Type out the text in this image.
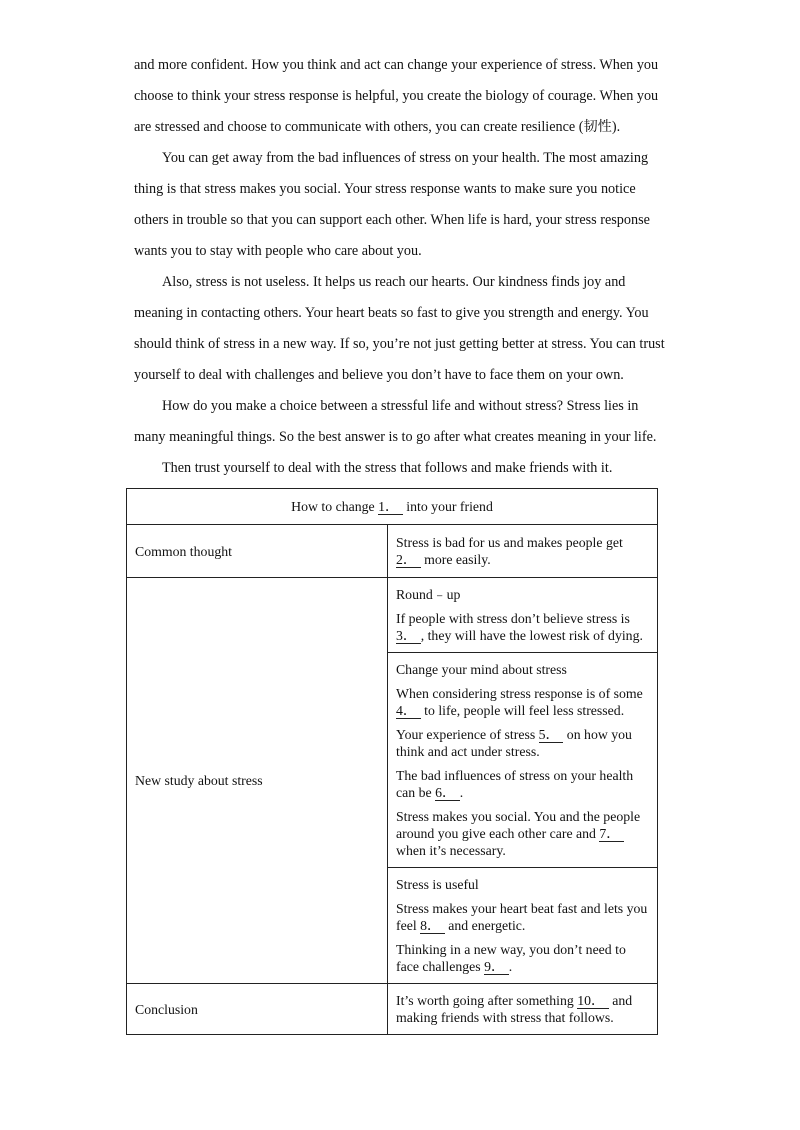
and more confident. How you think and act can change your experience of stress. When you
choose to think your stress response is helpful, you create the biology of courage. When you
are stressed and choose to communicate with others, you can create resilience (韧性).
You can get away from the bad influences of stress on your health. The most amazing
thing is that stress makes you social. Your stress response wants to make sure you notice
others in trouble so that you can support each other. When life is hard, your stress response
wants you to stay with people who care about you.
Also, stress is not useless. It helps us reach our hearts. Our kindness finds joy and
meaning in contacting others. Your heart beats so fast to give you strength and energy. You
should think of stress in a new way. If so, you’re not just getting better at stress. You can trust
yourself to deal with challenges and believe you don’t have to face them on your own.
How do you make a choice between a stressful life and without stress? Stress lies in
many meaningful things. So the best answer is to go after what creates meaning in your life.
Then trust yourself to deal with the stress that follows and make friends with it.
How to change 1． into your friend	
Common thought	Stress is bad for us and makes people get 2． more easily.
New study about stress	Round﹣up
If people with stress don’t believe stress is 3． , they will have the lowest risk of dying.

	Change your mind about stress
When considering stress response is of some 4． to life, people will feel less stressed.
Your experience of stress 5． on how you think and act under stress.
The bad influences of stress on your health can be 6． .
Stress makes you social. You and the people around you give each other care and 7． when it’s necessary.

	Stress is useful
Stress makes your heart beat fast and lets you feel 8． and energetic.
Thinking in a new way, you don’t need to face challenges 9． .

Conclusion	It’s worth going after something 10． and making friends with stress that follows.
